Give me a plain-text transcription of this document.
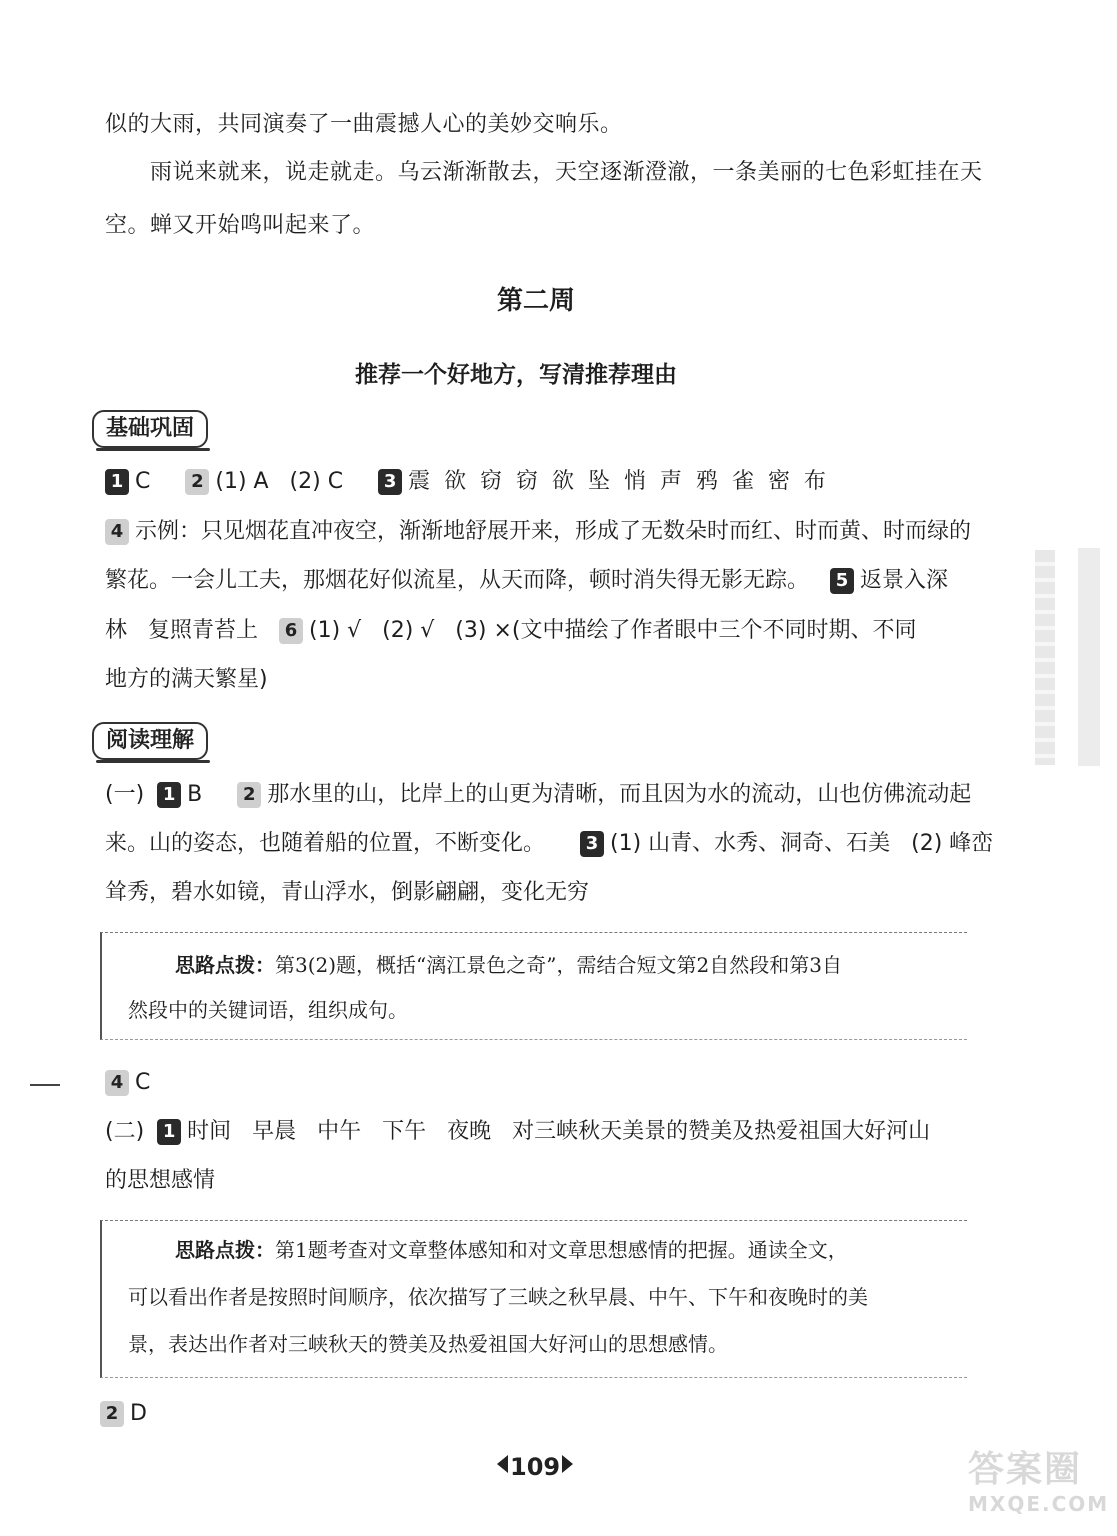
似的大雨，共同演奏了一曲震撼人心的美妙交响乐。
雨说来就来，说走就走。乌云渐渐散去，天空逐渐澄澈，一条美丽的七色彩虹挂在天
空。蝉又开始鸣叫起来了。
第二周
推荐一个好地方，写清推荐理由
基础巩固
1 C 2 (1) A   (2) C 3 震  欲  窃  窃  欲  坠  悄  声  鸦  雀  密  布
4 示例：只见烟花直冲夜空，渐渐地舒展开来，形成了无数朵时而红、时而黄、时而绿的
繁花。一会儿工夫，那烟花好似流星，从天而降，顿时消失得无影无踪。 5 返景入深
林   复照青苔上 6 (1) √   (2) √   (3) ×(文中描绘了作者眼中三个不同时期、不同
地方的满天繁星)
阅读理解
(一) 1 B 2 那水里的山，比岸上的山更为清晰，而且因为水的流动，山也仿佛流动起
来。山的姿态，也随着船的位置，不断变化。 3 (1) 山青、水秀、洞奇、石美   (2) 峰峦
耸秀，碧水如镜，青山浮水，倒影翩翩，变化无穷
思路点拨：第3(2)题，概括“漓江景色之奇”，需结合短文第2自然段和第3自
然段中的关键词语，组织成句。
4 C
(二) 1 时间   早晨   中午   下午   夜晚   对三峡秋天美景的赞美及热爱祖国大好河山
的思想感情
思路点拨：第1题考查对文章整体感知和对文章思想感情的把握。通读全文，
可以看出作者是按照时间顺序，依次描写了三峡之秋早晨、中午、下午和夜晚时的美
景，表达出作者对三峡秋天的赞美及热爱祖国大好河山的思想感情。
2 D
109	答案圈
MXQE.COM
